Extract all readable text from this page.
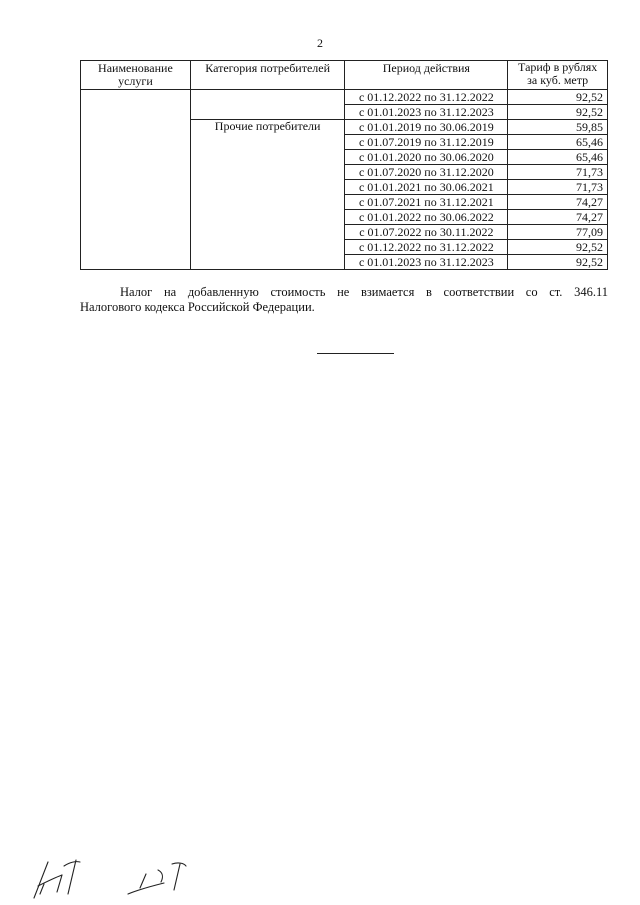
2
Наименование услуги	Категория потребителей	Период действия	Тариф в рублях за куб. метр
		с 01.12.2022 по 31.12.2022	92,52
		с 01.01.2023 по 31.12.2023	92,52
	Прочие потребители	с 01.01.2019 по 30.06.2019	59,85
		с 01.07.2019 по 31.12.2019	65,46
		с 01.01.2020 по 30.06.2020	65,46
		с 01.07.2020 по 31.12.2020	71,73
		с 01.01.2021 по 30.06.2021	71,73
		с 01.07.2021 по 31.12.2021	74,27
		с 01.01.2022 по 30.06.2022	74,27
		с 01.07.2022 по 30.11.2022	77,09
		с 01.12.2022 по 31.12.2022	92,52
		с 01.01.2023 по 31.12.2023	92,52

Налог на добавленную стоимость не взимается в соответствии со ст. 346.11

Налогового кодекса Российской Федерации.
